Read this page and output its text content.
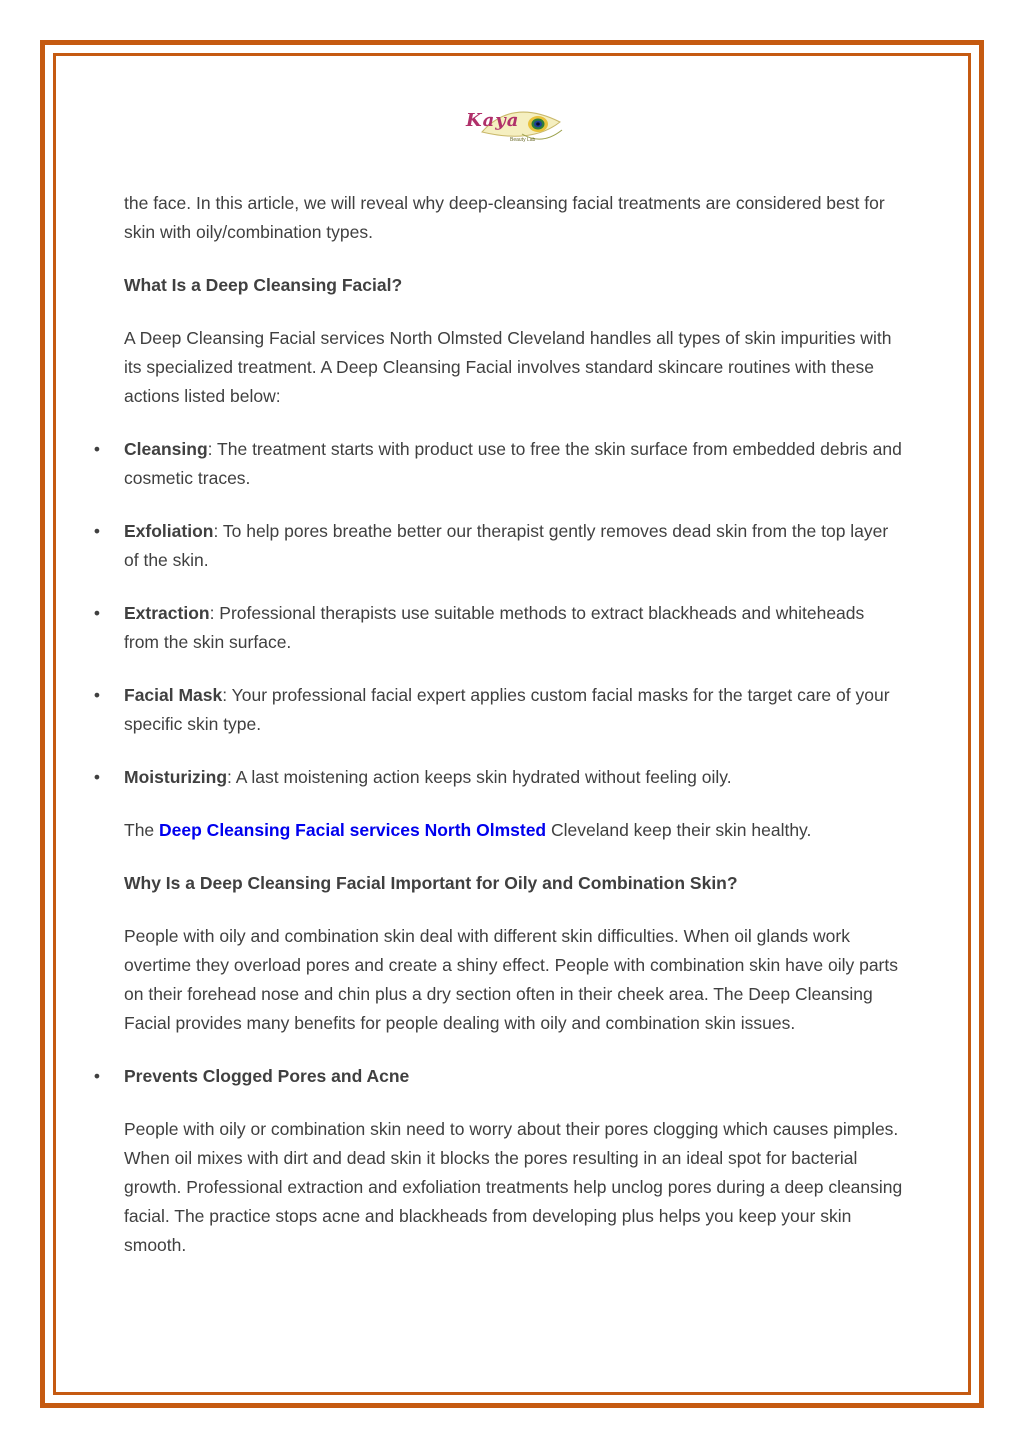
Kaya
Beauty Lab

the face. In this article, we will reveal why deep-cleansing facial treatments are considered best for skin with oily/combination types.

What Is a Deep Cleansing Facial?

A Deep Cleansing Facial services North Olmsted Cleveland handles all types of skin impurities with its specialized treatment. A Deep Cleansing Facial involves standard skincare routines with these actions listed below:

• Cleansing: The treatment starts with product use to free the skin surface from embedded debris and cosmetic traces.
• Exfoliation: To help pores breathe better our therapist gently removes dead skin from the top layer of the skin.
• Extraction: Professional therapists use suitable methods to extract blackheads and whiteheads from the skin surface.
• Facial Mask: Your professional facial expert applies custom facial masks for the target care of your specific skin type.
• Moisturizing: A last moistening action keeps skin hydrated without feeling oily.

The Deep Cleansing Facial services North Olmsted Cleveland keep their skin healthy.

Why Is a Deep Cleansing Facial Important for Oily and Combination Skin?

People with oily and combination skin deal with different skin difficulties. When oil glands work overtime they overload pores and create a shiny effect. People with combination skin have oily parts on their forehead nose and chin plus a dry section often in their cheek area. The Deep Cleansing Facial provides many benefits for people dealing with oily and combination skin issues.

• Prevents Clogged Pores and Acne

People with oily or combination skin need to worry about their pores clogging which causes pimples. When oil mixes with dirt and dead skin it blocks the pores resulting in an ideal spot for bacterial growth. Professional extraction and exfoliation treatments help unclog pores during a deep cleansing facial. The practice stops acne and blackheads from developing plus helps you keep your skin smooth.
